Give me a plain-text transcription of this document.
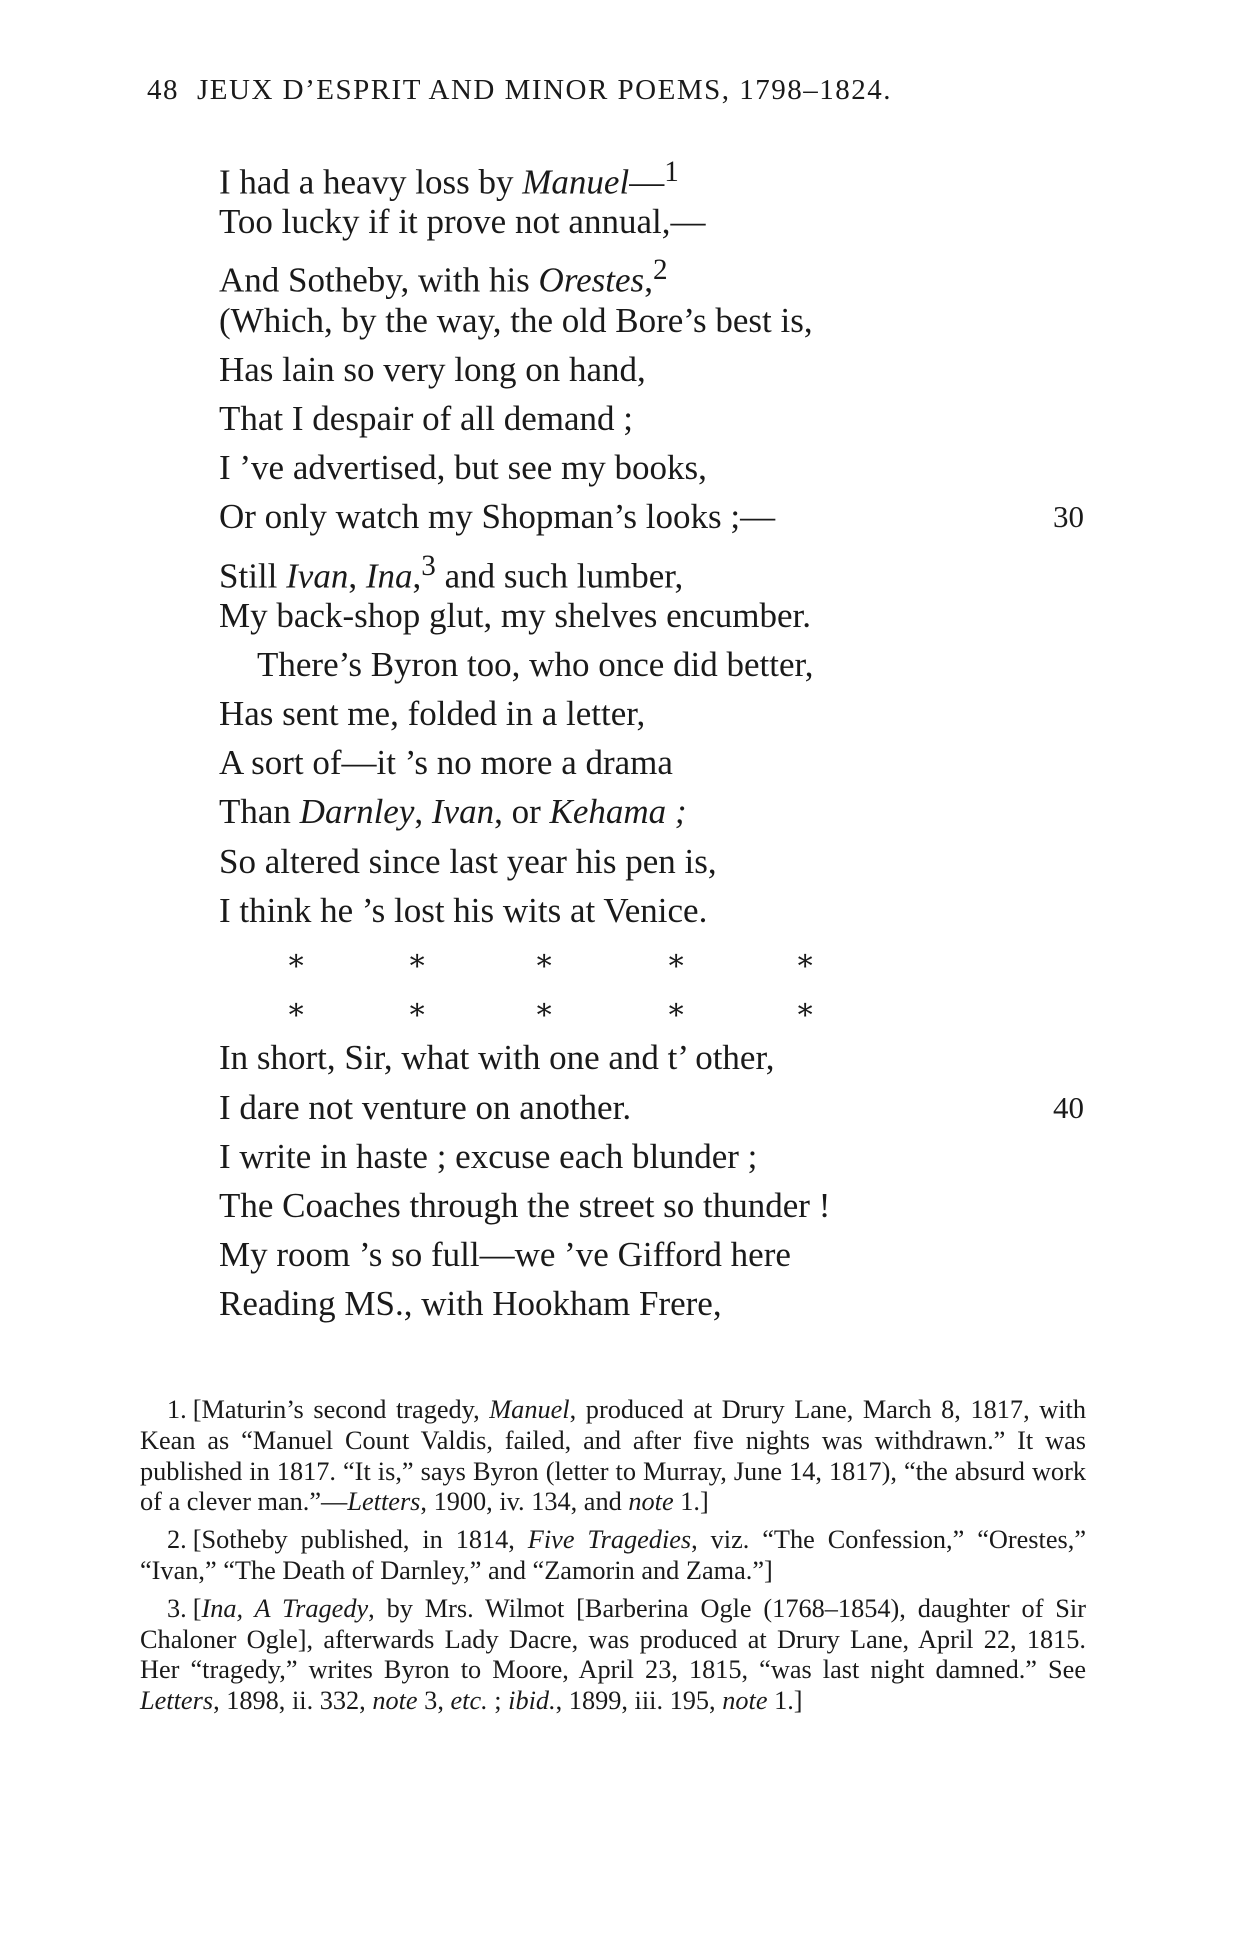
48 JEUX D’ESPRIT AND MINOR POEMS, 1798–1824.
I had a heavy loss by Manuel—$^1$
Too lucky if it prove not annual,—
And Sotheby, with his Orestes,$^2$
(Which, by the way, the old Bore’s best is,
Has lain so very long on hand,
That I despair of all demand ;
I ’ve advertised, but see my books,
Or only watch my Shopman’s looks ;—	30
Still Ivan, Ina,$^3$ and such lumber,
My back-shop glut, my shelves encumber.
There’s Byron too, who once did better,
Has sent me, folded in a letter,
A sort of—it ’s no more a drama
Than Darnley, Ivan, or Kehama ;
So altered since last year his pen is,
I think he ’s lost his wits at Venice.
∗	∗	∗	∗	∗
∗	∗	∗	∗	∗
In short, Sir, what with one and t’ other,
I dare not venture on another.	40
I write in haste ; excuse each blunder ;
The Coaches through the street so thunder !
My room ’s so full—we ’ve Gifford here
Reading MS., with Hookham Frere,

1. [Maturin’s second tragedy, Manuel, produced at Drury Lane, March 8, 1817, with Kean as “Manuel Count Valdis, failed, and after five nights was withdrawn.” It was published in 1817. “It is,” says Byron (letter to Murray, June 14, 1817), “the absurd work of a clever man.”—Letters, 1900, iv. 134, and note 1.]

2. [Sotheby published, in 1814, Five Tragedies, viz. “The Confession,” “Orestes,” “Ivan,” “The Death of Darnley,” and “Zamorin and Zama.”]

3. [Ina, A Tragedy, by Mrs. Wilmot [Barberina Ogle (1768–1854), daughter of Sir Chaloner Ogle], afterwards Lady Dacre, was produced at Drury Lane, April 22, 1815. Her “tragedy,” writes Byron to Moore, April 23, 1815, “was last night damned.” See Letters, 1898, ii. 332, note 3, etc. ; ibid., 1899, iii. 195, note 1.]
